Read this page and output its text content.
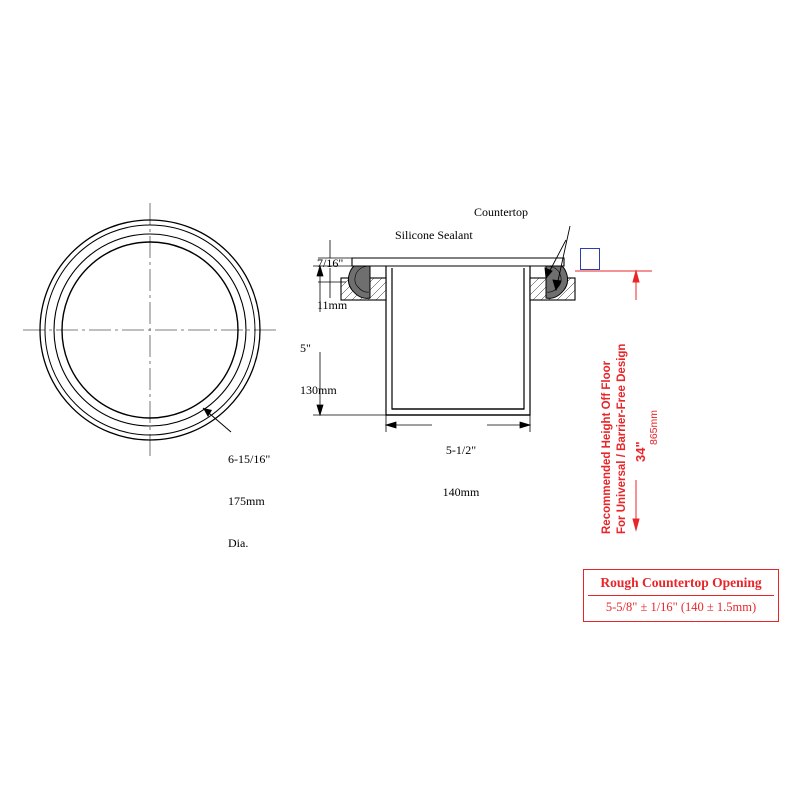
6-15/16"

175mm

Dia.

7/16"

11mm

5"

130mm

5-1/2"

140mm

Countertop
Silicone Sealant
Recommended Height Off Floor For Universal / Barrier-Free Design 34"
865mm
Rough Countertop Opening
5-5/8" ± 1/16" (140 ± 1.5mm)
